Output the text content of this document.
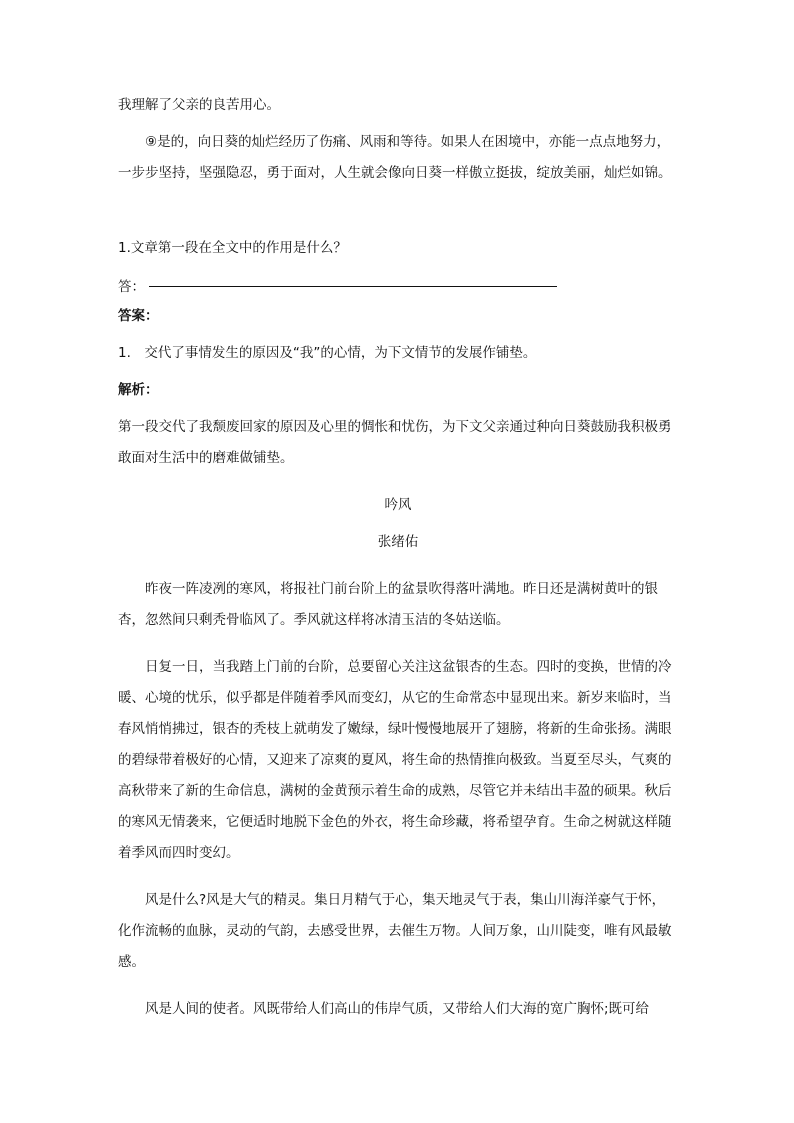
我理解了父亲的良苦用心。

⑨是的，向日葵的灿烂经历了伤痛、风雨和等待。如果人在困境中，亦能一点点地努力，一步步坚持，坚强隐忍，勇于面对，人生就会像向日葵一样傲立挺拔，绽放美丽，灿烂如锦。

1.文章第一段在全文中的作用是什么？

答：

答案：

1.　交代了事情发生的原因及“我”的心情，为下文情节的发展作铺垫。

解析：

第一段交代了我颓废回家的原因及心里的惆怅和忧伤，为下文父亲通过种向日葵鼓励我积极勇敢面对生活中的磨难做铺垫。

吟风

张绪佑

昨夜一阵凌冽的寒风，将报社门前台阶上的盆景吹得落叶满地。昨日还是满树黄叶的银杏，忽然间只剩秃骨临风了。季风就这样将冰清玉洁的冬姑送临。

日复一日，当我踏上门前的台阶，总要留心关注这盆银杏的生态。四时的变换，世情的冷暖、心境的忧乐，似乎都是伴随着季风而变幻，从它的生命常态中显现出来。新岁来临时，当春风悄悄拂过，银杏的秃枝上就萌发了嫩绿，绿叶慢慢地展开了翅膀，将新的生命张扬。满眼的碧绿带着极好的心情，又迎来了凉爽的夏风，将生命的热情推向极致。当夏至尽头，气爽的高秋带来了新的生命信息，满树的金黄预示着生命的成熟，尽管它并未结出丰盈的硕果。秋后的寒风无情袭来，它便适时地脱下金色的外衣，将生命珍藏，将希望孕育。生命之树就这样随着季风而四时变幻。

风是什么?风是大气的精灵。集日月精气于心，集天地灵气于表，集山川海洋豪气于怀，化作流畅的血脉，灵动的气韵，去感受世界，去催生万物。人间万象，山川陡变，唯有风最敏感。

风是人间的使者。风既带给人们高山的伟岸气质，又带给人们大海的宽广胸怀;既可给
